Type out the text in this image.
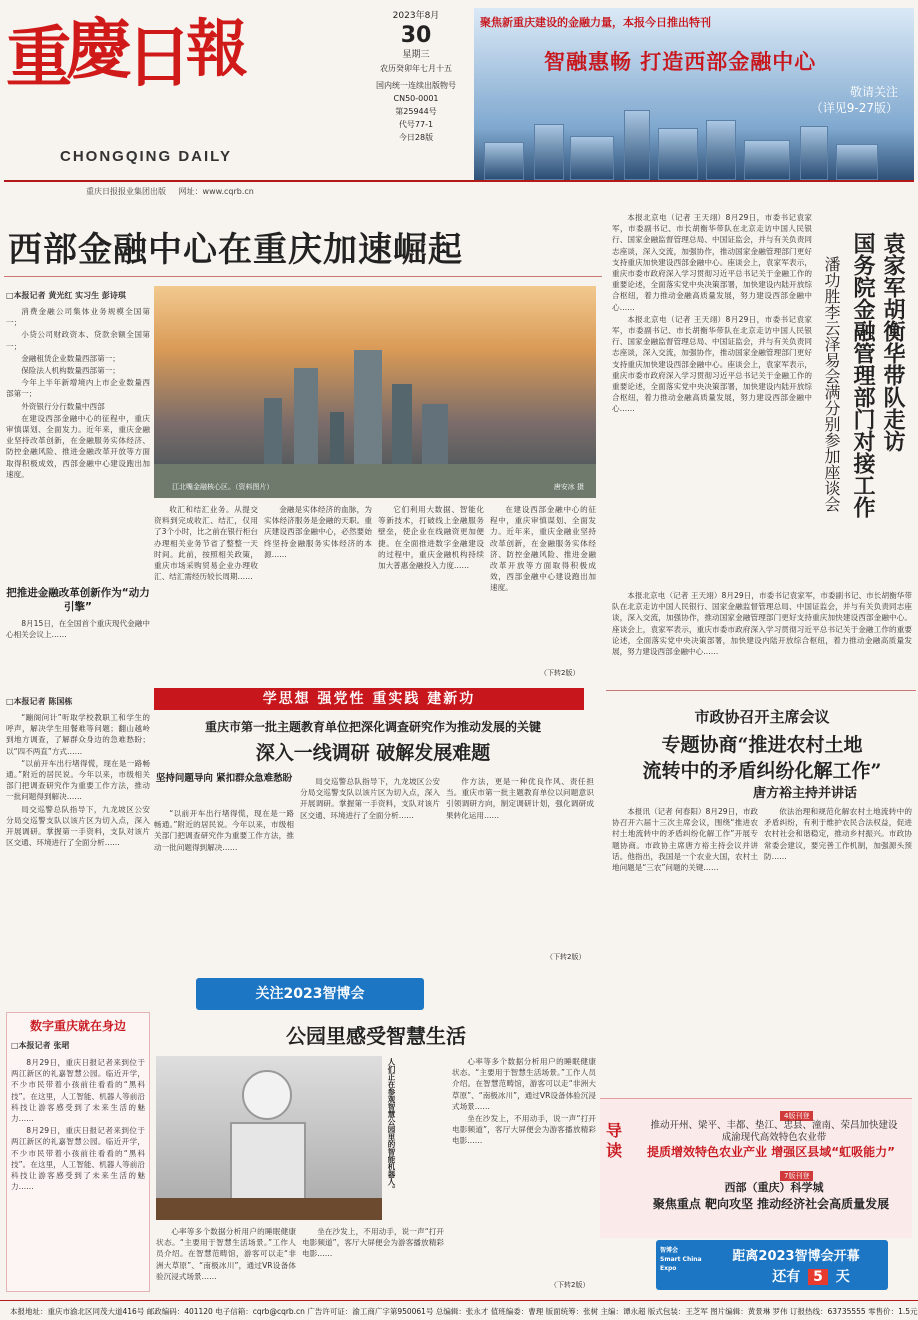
重
慶
日
報
CHONGQING DAILY
重庆日报报业集团出版 网址：www.cqrb.cn
2023年8月
30
星期三
农历癸卯年七月十五
国内统一连续出版物号
CN50-0001
第25944号
代号77-1
今日28版
聚焦新重庆建设的金融力量，本报今日推出特刊
智融惠畅 打造西部金融中心
敬请关注
（详见9-27版）
西部金融中心在重庆加速崛起
□本报记者 黄光红 实习生 彭诗琪

消费金融公司集体业务规模全国第一；

小贷公司财政资本、贷款余额全国第一；

金融租赁企业数量西部第一；

保险法人机构数量西部第一；

今年上半年新增境内上市企业数量西部第一；

外资银行分行数量中西部

在建设西部金融中心的征程中，重庆审慎谋划、全面发力。近年来，重庆金融业坚持改革创新，在金融服务实体经济、防控金融风险、推进金融改革开放等方面取得积极成效，西部金融中心建设跑出加速度。

把推进金融改革创新作为“动力引擎”

8月15日，在全国首个重庆现代金融中心相关会议上……

江北嘴金融核心区。（资料图片）	唐安冰 摄

收汇和结汇业务。从提交资料到完成收汇、结汇，仅用了3个小时，比之前在银行柜台办理相关业务节省了整整一天时间。此前，按照相关政策，重庆市场采购贸易企业办理收汇、结汇需经历较长周期……

金融是实体经济的血脉，为实体经济服务是金融的天职。重庆建设西部金融中心，必然要始终坚持金融服务实体经济的本源……

它们利用大数据、智能化等新技术，打破线上金融服务壁垒，使企业在线融资更加便捷。在全面推进数字金融建设的过程中，重庆金融机构持续加大普惠金融投入力度……

在建设西部金融中心的征程中，重庆审慎谋划、全面发力。近年来，重庆金融业坚持改革创新，在金融服务实体经济、防控金融风险、推进金融改革开放等方面取得积极成效，西部金融中心建设跑出加速度。

（下转2版）
袁家军胡衡华带队走访
国务院金融管理部门对接工作
潘功胜李云泽易会满分别参加座谈会

本报北京电（记者 王天翊）8月29日，市委书记袁家军，市委副书记、市长胡衡华带队在北京走访中国人民银行、国家金融监督管理总局、中国证监会，并与有关负责同志座谈，深入交流，加强协作，推动国家金融管理部门更好支持重庆加快建设西部金融中心。座谈会上，袁家军表示，重庆市委市政府深入学习贯彻习近平总书记关于金融工作的重要论述，全面落实党中央决策部署，加快建设内陆开放综合枢纽，着力推动金融高质量发展，努力建设西部金融中心……

本报北京电（记者 王天翊）8月29日，市委书记袁家军，市委副书记、市长胡衡华带队在北京走访中国人民银行、国家金融监督管理总局、中国证监会，并与有关负责同志座谈，深入交流，加强协作，推动国家金融管理部门更好支持重庆加快建设西部金融中心。座谈会上，袁家军表示，重庆市委市政府深入学习贯彻习近平总书记关于金融工作的重要论述，全面落实党中央决策部署，加快建设内陆开放综合枢纽，着力推动金融高质量发展，努力建设西部金融中心……

本报北京电（记者 王天翊）8月29日，市委书记袁家军，市委副书记、市长胡衡华带队在北京走访中国人民银行、国家金融监督管理总局、中国证监会，并与有关负责同志座谈，深入交流，加强协作，推动国家金融管理部门更好支持重庆加快建设西部金融中心。座谈会上，袁家军表示，重庆市委市政府深入学习贯彻习近平总书记关于金融工作的重要论述，全面落实党中央决策部署，加快建设内陆开放综合枢纽，着力推动金融高质量发展，努力建设西部金融中心……

学思想 强党性 重实践 建新功
重庆市第一批主题教育单位把深化调查研究作为推动发展的关键
深入一线调研 破解发展难题
□本报记者 陈国栋

“蹦阁问计”听取学校教职工和学生的呼声，解决学生用餐难等问题；翻山越岭到地方调查，了解群众身边的急难愁盼；以“四不两直”方式……

“以前开车出行堵得慌，现在是一路畅通。”附近的居民说。今年以来，市级相关部门把调查研究作为重要工作方法，推动一批问题得到解决……

局交巡警总队指导下，九龙坡区公安分局交巡警支队以该片区为切入点，深入开展调研。掌握第一手资料，支队对该片区交通、环境进行了全面分析……

坚持问题导向 紧扣群众急难愁盼

“以前开车出行堵得慌，现在是一路畅通。”附近的居民说。今年以来，市级相关部门把调查研究作为重要工作方法，推动一批问题得到解决……

局交巡警总队指导下，九龙坡区公安分局交巡警支队以该片区为切入点，深入开展调研。掌握第一手资料，支队对该片区交通、环境进行了全面分析……

作方法，更是一种优良作风、责任担当。重庆市第一批主题教育单位以问题意识引领调研方向，制定调研计划，强化调研成果转化运用……

（下转2版）
市政协召开主席会议
专题协商“推进农村土地
流转中的矛盾纠纷化解工作”
唐方裕主持并讲话

本报讯（记者 何春阳）8月29日，市政协召开六届十三次主席会议，围绕“推进农村土地流转中的矛盾纠纷化解工作”开展专题协商。市政协主席唐方裕主持会议并讲话。他指出，我国是一个农业大国，农村土地问题是“三农”问题的关键……

依法治理和规范化解农村土地流转中的矛盾纠纷，有利于维护农民合法权益，促进农村社会和谐稳定，推动乡村振兴。市政协常委会建议，要完善工作机制，加强源头预防……

关注2023智博会
数字重庆就在身边
□本报记者 张珺

8月29日，重庆日报记者来到位于两江新区的礼嘉智慧公园。临近开学，不少市民带着小孩前往看看的“黑科技”。在这里，人工智能、机器人等前沿科技让游客感受到了未来生活的魅力……

8月29日，重庆日报记者来到位于两江新区的礼嘉智慧公园。临近开学，不少市民带着小孩前往看看的“黑科技”。在这里，人工智能、机器人等前沿科技让游客感受到了未来生活的魅力……

公园里感受智慧生活
人们正在参观智慧公园里的智能机器人。

心率等多个数据分析用户的睡眠健康状态。“主要用于智慧生活场景。”工作人员介绍。在智慧范畴馆，游客可以走“非洲大草原”、“南极冰川”，通过VR设备体验沉浸式场景……

坐在沙发上，不用动手，说一声“打开电影频道”，客厅大屏便会为游客播放精彩电影……

心率等多个数据分析用户的睡眠健康状态。“主要用于智慧生活场景。”工作人员介绍。在智慧范畴馆，游客可以走“非洲大草原”、“南极冰川”，通过VR设备体验沉浸式场景……

坐在沙发上，不用动手，说一声“打开电影频道”，客厅大屏便会为游客播放精彩电影……

（下转2版）
导读
4版刊登
推动开州、梁平、丰都、垫江、忠县、潼南、荣昌加快建设
成渝现代高效特色农业带
提质增效特色农业产业 增强区县域“虹吸能力”
7版刊登
西部（重庆）科学城
聚焦重点 靶向攻坚 推动经济社会高质量发展
智博会
Smart China
Expo
距离2023智博会开幕
还有 5 天
本报地址：重庆市渝北区同茂大道416号 邮政编码：401120 电子信箱：cqrb@cqrb.cn 广告许可证：渝工商广字第950061号 总编辑：张永才 值班编委：曹理 版面统筹：张树 主编：谭永超 版式包装：王芝军 图片编辑：黄景琳 罗伟 订报热线：63735555 零售价：1.5元
